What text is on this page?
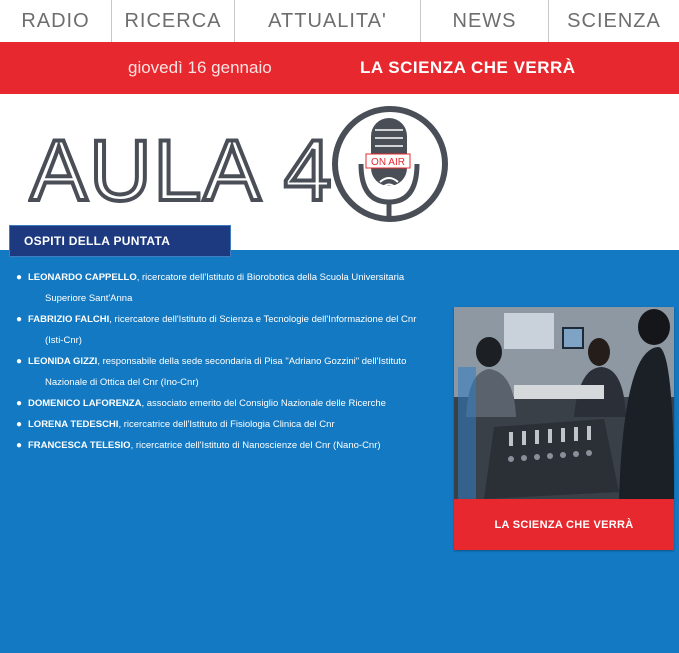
RADIO	RICERCA	ATTUALITA'	NEWS	SCIENZA
giovedì 16 gennaio	LA SCIENZA CHE VERRÀ
AULA 4	ON AIR
OSPITI DELLA PUNTATA
● LEONARDO CAPPELLO, ricercatore dell'Istituto di Biorobotica della Scuola Universitaria
Superiore Sant'Anna
● FABRIZIO FALCHI, ricercatore dell'Istituto di Scienza e Tecnologie dell'Informazione del Cnr
(Isti-Cnr)
● LEONIDA GIZZI, responsabile della sede secondaria di Pisa "Adriano Gozzini" dell'Istituto
Nazionale di Ottica del Cnr (Ino-Cnr)
● DOMENICO LAFORENZA, associato emerito del Consiglio Nazionale delle Ricerche
● LORENA TEDESCHI, ricercatrice dell'Istituto di Fisiologia Clinica del Cnr
● FRANCESCA TELESIO, ricercatrice dell'Istituto di Nanoscienze del Cnr (Nano-Cnr)
LA SCIENZA CHE VERRÀ
